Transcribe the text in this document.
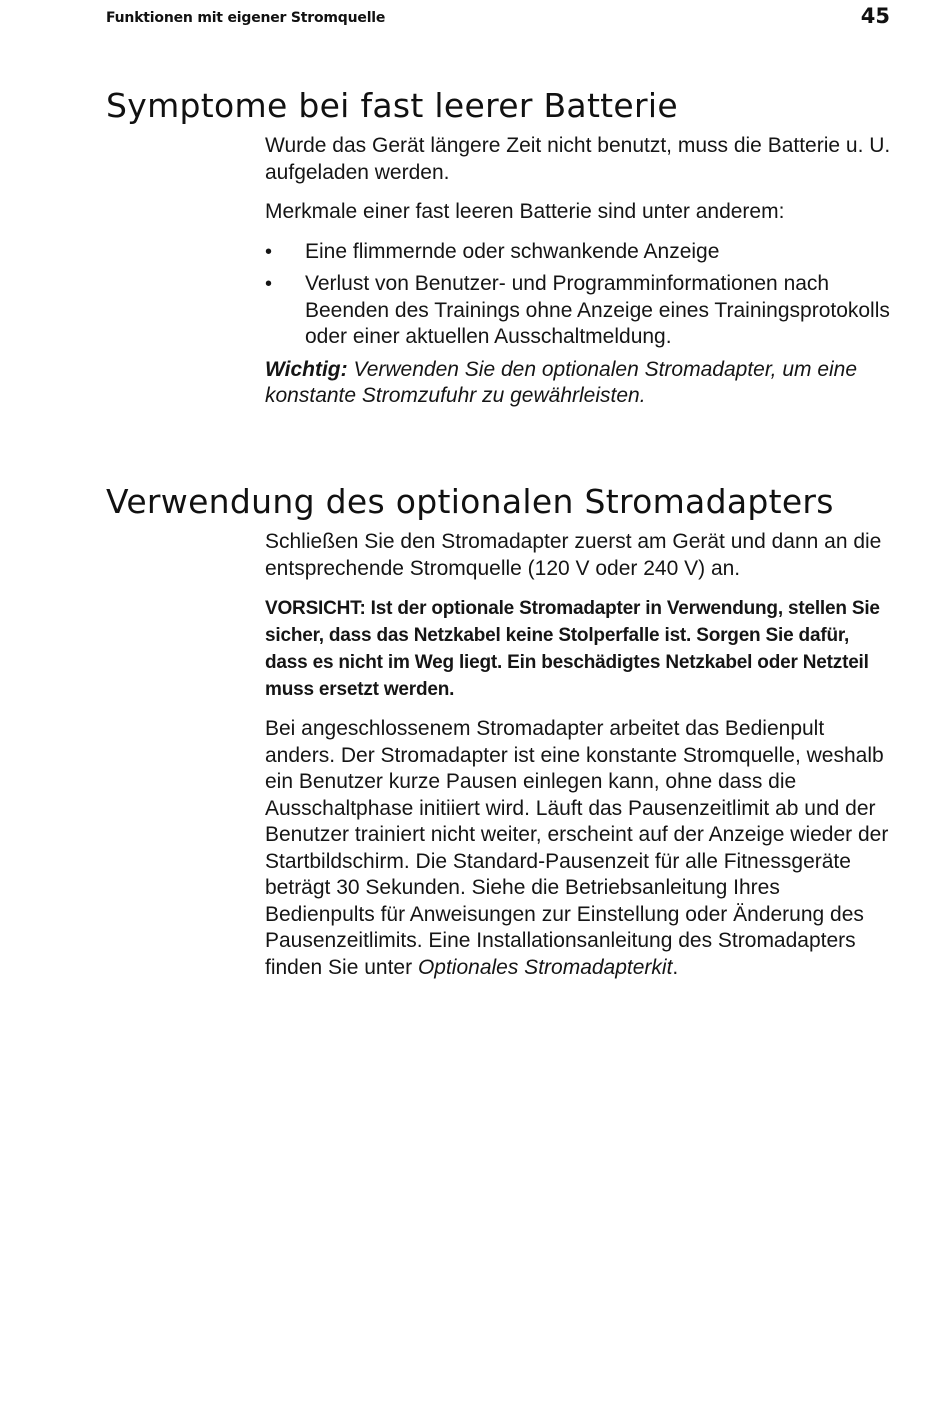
Funktionen mit eigener Stromquelle	45
Symptome bei fast leerer Batterie

Wurde das Gerät längere Zeit nicht benutzt, muss die Batterie u. U. aufgeladen werden.

Merkmale einer fast leeren Batterie sind unter anderem:

• Eine flimmernde oder schwankende Anzeige
• Verlust von Benutzer- und Programminformationen nach Beenden des Trainings ohne Anzeige eines Trainingsprotokolls oder einer aktuellen Ausschaltmeldung.

Wichtig: Verwenden Sie den optionalen Stromadapter, um eine konstante Stromzufuhr zu gewährleisten.

Verwendung des optionalen Stromadapters

Schließen Sie den Stromadapter zuerst am Gerät und dann an die entsprechende Stromquelle (120 V oder 240 V) an.

VORSICHT: Ist der optionale Stromadapter in Verwendung, stellen Sie sicher, dass das Netzkabel keine Stolperfalle ist. Sorgen Sie dafür, dass es nicht im Weg liegt. Ein beschädigtes Netzkabel oder Netzteil muss ersetzt werden.

Bei angeschlossenem Stromadapter arbeitet das Bedienpult anders. Der Stromadapter ist eine konstante Stromquelle, weshalb ein Benutzer kurze Pausen einlegen kann, ohne dass die Ausschaltphase initiiert wird. Läuft das Pausenzeitlimit ab und der Benutzer trainiert nicht weiter, erscheint auf der Anzeige wieder der Startbildschirm. Die Standard-Pausenzeit für alle Fitnessgeräte beträgt 30 Sekunden. Siehe die Betriebsanleitung Ihres Bedienpults für Anweisungen zur Einstellung oder Änderung des Pausenzeitlimits. Eine Installationsanleitung des Stromadapters finden Sie unter Optionales Stromadapterkit.
